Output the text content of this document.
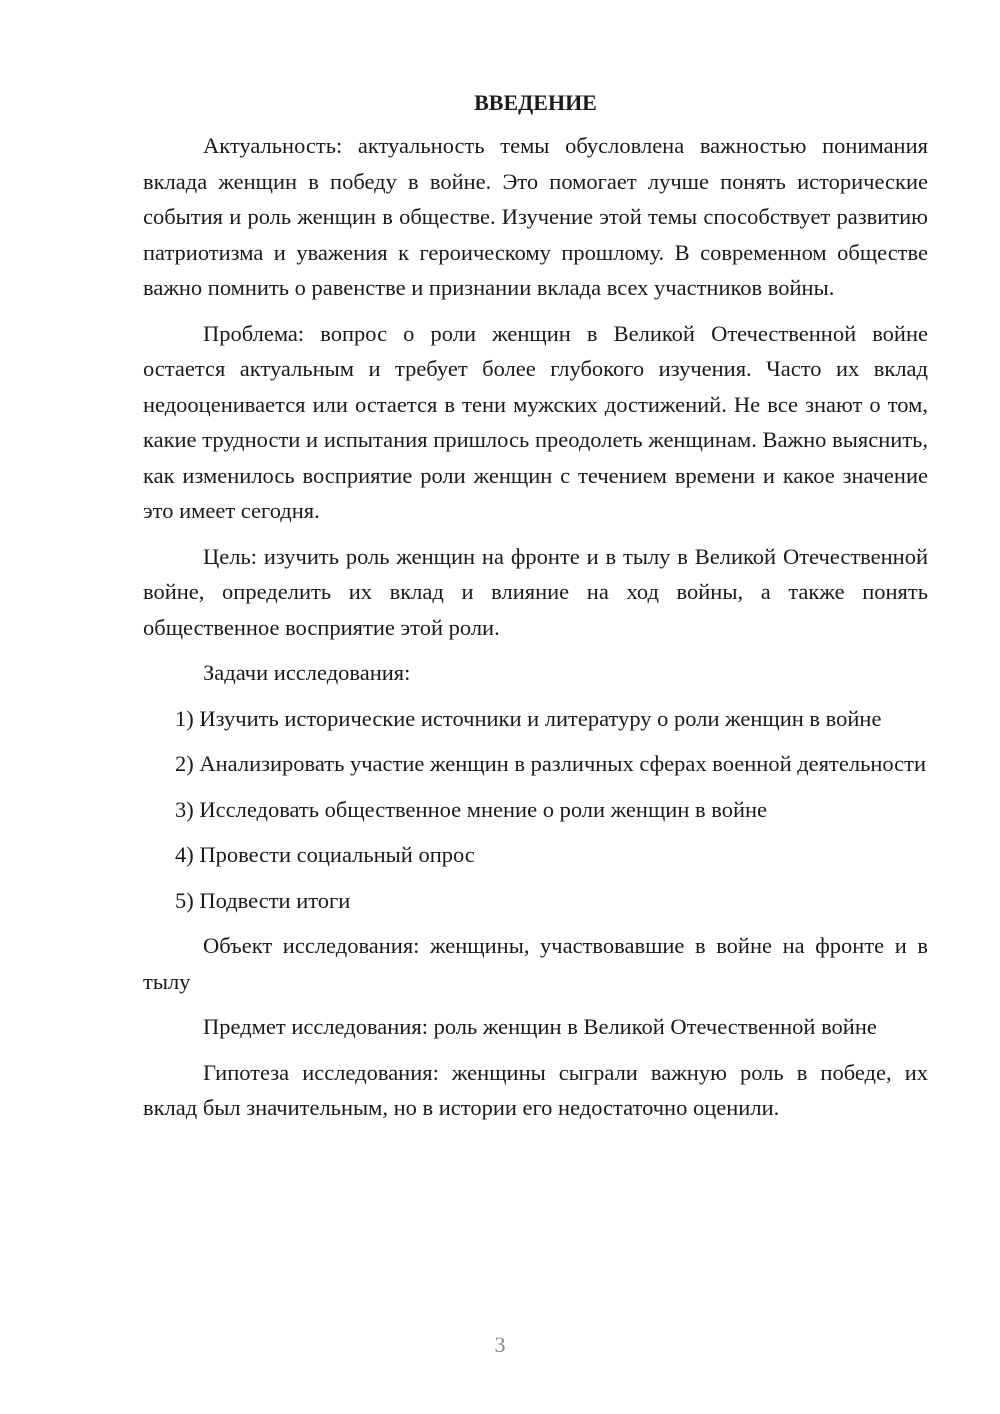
ВВЕДЕНИЕ

Актуальность: актуальность темы обусловлена важностью понимания вклада женщин в победу в войне. Это помогает лучше понять исторические события и роль женщин в обществе. Изучение этой темы способствует развитию патриотизма и уважения к героическому прошлому. В современном обществе важно помнить о равенстве и признании вклада всех участников войны.

Проблема: вопрос о роли женщин в Великой Отечественной войне остается актуальным и требует более глубокого изучения. Часто их вклад недооценивается или остается в тени мужских достижений. Не все знают о том, какие трудности и испытания пришлось преодолеть женщинам. Важно выяснить, как изменилось восприятие роли женщин с течением времени и какое значение это имеет сегодня.

Цель: изучить роль женщин на фронте и в тылу в Великой Отечественной войне, определить их вклад и влияние на ход войны, а также понять общественное восприятие этой роли.

Задачи исследования:

1) Изучить исторические источники и литературу о роли женщин в войне

2) Анализировать участие женщин в различных сферах военной деятельности

3) Исследовать общественное мнение о роли женщин в войне

4) Провести социальный опрос

5) Подвести итоги

Объект исследования: женщины, участвовавшие в войне на фронте и в тылу

Предмет исследования: роль женщин в Великой Отечественной войне

Гипотеза исследования: женщины сыграли важную роль в победе, их вклад был значительным, но в истории его недостаточно оценили.

3
